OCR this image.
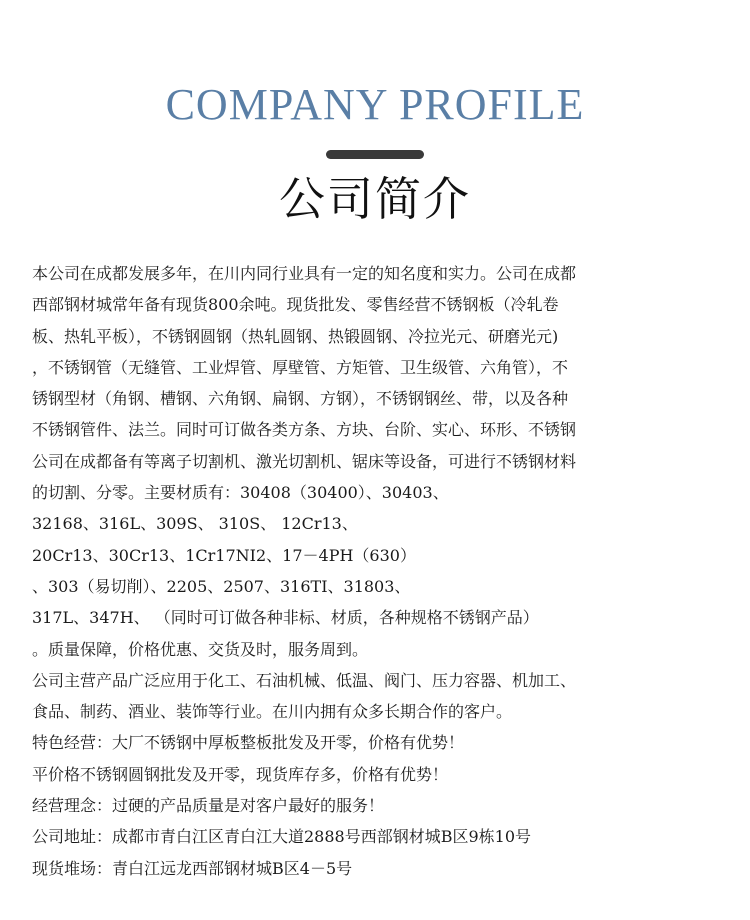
COMPANY PROFILE
公司简介
本公司在成都发展多年，在川内同行业具有一定的知名度和实力。公司在成都
西部钢材城常年备有现货800余吨。现货批发、零售经营不锈钢板（冷轧卷
板、热轧平板），不锈钢圆钢（热轧圆钢、热锻圆钢、冷拉光元、研磨光元)
，不锈钢管（无缝管、工业焊管、厚壁管、方矩管、卫生级管、六角管），不
锈钢型材（角钢、槽钢、六角钢、扁钢、方钢），不锈钢钢丝、带，以及各种
不锈钢管件、法兰。同时可订做各类方条、方块、台阶、实心、环形、不锈钢
公司在成都备有等离子切割机、激光切割机、锯床等设备，可进行不锈钢材料
的切割、分零。主要材质有：30408（30400）、30403、
32168、316L、309S、 310S、 12Cr13、
20Cr13、30Cr13、1Cr17NI2、17－4PH（630）
、303（易切削）、2205、2507、316TI、31803、
317L、347H、 （同时可订做各种非标、材质，各种规格不锈钢产品）
。质量保障，价格优惠、交货及时，服务周到。
公司主营产品广泛应用于化工、石油机械、低温、阀门、压力容器、机加工、
食品、制药、酒业、装饰等行业。在川内拥有众多长期合作的客户。
特色经营：大厂不锈钢中厚板整板批发及开零，价格有优势！
平价格不锈钢圆钢批发及开零，现货库存多，价格有优势！
经营理念：过硬的产品质量是对客户最好的服务！
公司地址：成都市青白江区青白江大道2888号西部钢材城B区9栋10号
现货堆场：青白江远龙西部钢材城B区4－5号
